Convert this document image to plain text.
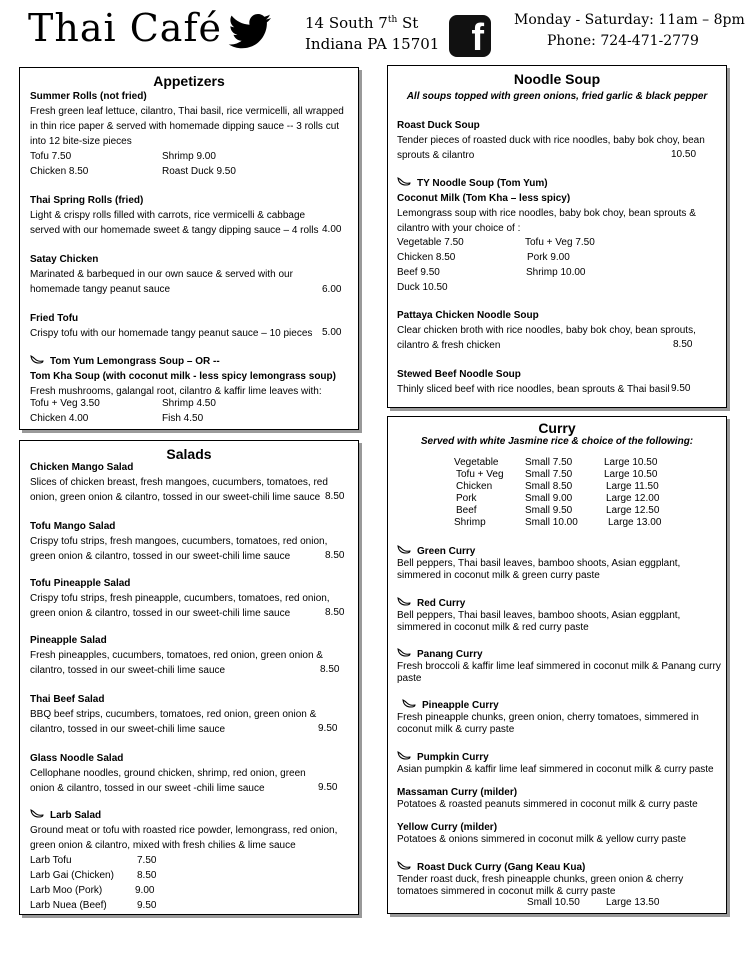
Thai Café	14 South 7th St
Indiana PA 15701 f Monday - Saturday: 11am – 8pm
Phone: 724-471-2779
Appetizers
Summer Rolls (not fried)
Fresh green leaf lettuce, cilantro, Thai basil, rice vermicelli, all wrapped in thin rice paper & served with homemade dipping sauce -- 3 rolls cut into 12 bite-size pieces
Tofu 7.50	Shrimp 9.00
Chicken 8.50	Roast Duck 9.50
Thai Spring Rolls (fried)
Light & crispy rolls filled with carrots, rice vermicelli & cabbage served with our homemade sweet & tangy dipping sauce – 4 rolls 4.00
Satay Chicken
Marinated & barbequed in our own sauce & served with our homemade tangy peanut sauce	6.00
Fried Tofu
Crispy tofu with our homemade tangy peanut sauce – 10 pieces 5.00
Tom Yum Lemongrass Soup – OR --
Tom Kha Soup (with coconut milk - less spicy lemongrass soup)
Fresh mushrooms, galangal root, cilantro & kaffir lime leaves with:
Tofu + Veg 3.50	Shrimp 4.50
Chicken 4.00	Fish 4.50
Salads
Chicken Mango Salad
Slices of chicken breast, fresh mangoes, cucumbers, tomatoes, red onion, green onion & cilantro, tossed in our sweet-chili lime sauce 8.50
Tofu Mango Salad
Crispy tofu strips, fresh mangoes, cucumbers, tomatoes, red onion, green onion & cilantro, tossed in our sweet-chili lime sauce	8.50
Tofu Pineapple Salad
Crispy tofu strips, fresh pineapple, cucumbers, tomatoes, red onion, green onion & cilantro, tossed in our sweet-chili lime sauce	8.50
Pineapple Salad
Fresh pineapples, cucumbers, tomatoes, red onion, green onion & cilantro, tossed in our sweet-chili lime sauce	8.50
Thai Beef Salad
BBQ beef strips, cucumbers, tomatoes, red onion, green onion & cilantro, tossed in our sweet-chili lime sauce	9.50
Glass Noodle Salad
Cellophane noodles, ground chicken, shrimp, red onion, green onion & cilantro, tossed in our sweet -chili lime sauce	9.50
Larb Salad
Ground meat or tofu with roasted rice powder, lemongrass, red onion, green onion & cilantro, mixed with fresh chilies & lime sauce
Larb Tofu	7.50
Larb Gai (Chicken) 8.50
Larb Moo (Pork)	9.00
Larb Nuea (Beef)	9.50
Noodle Soup
All soups topped with green onions, fried garlic & black pepper
Roast Duck Soup
Tender pieces of roasted duck with rice noodles, baby bok choy, bean sprouts & cilantro	10.50
TY Noodle Soup (Tom Yum)
Coconut Milk (Tom Kha – less spicy)
Lemongrass soup with rice noodles, baby bok choy, bean sprouts & cilantro with your choice of :
Vegetable 7.50	Tofu + Veg 7.50
Chicken 8.50	Pork 9.00
Beef 9.50	Shrimp 10.00
Duck 10.50
Pattaya Chicken Noodle Soup
Clear chicken broth with rice noodles, baby bok choy, bean sprouts, cilantro & fresh chicken	8.50
Stewed Beef Noodle Soup
Thinly sliced beef with rice noodles, bean sprouts & Thai basil 9.50
Curry
Served with white Jasmine rice & choice of the following:
Vegetable	Small 7.50	Large 10.50
Tofu + Veg Small 7.50	Large 10.50
Chicken	Small 8.50	Large 11.50
Pork	Small 9.00	Large 12.00
Beef	Small 9.50	Large 12.50
Shrimp	Small 10.00	Large 13.00
Green Curry
Bell peppers, Thai basil leaves, bamboo shoots, Asian eggplant, simmered in coconut milk & green curry paste
Red Curry
Bell peppers, Thai basil leaves, bamboo shoots, Asian eggplant, simmered in coconut milk & red curry paste
Panang Curry
Fresh broccoli & kaffir lime leaf simmered in coconut milk & Panang curry paste
Pineapple Curry
Fresh pineapple chunks, green onion, cherry tomatoes, simmered in coconut milk & curry paste
Pumpkin Curry
Asian pumpkin & kaffir lime leaf simmered in coconut milk & curry paste
Massaman Curry (milder)
Potatoes & roasted peanuts simmered in coconut milk & curry paste
Yellow Curry (milder)
Potatoes & onions simmered in coconut milk & yellow curry paste
Roast Duck Curry (Gang Keau Kua)
Tender roast duck, fresh pineapple chunks, green onion & cherry tomatoes simmered in coconut milk & curry paste
Small 10.50	Large 13.50
